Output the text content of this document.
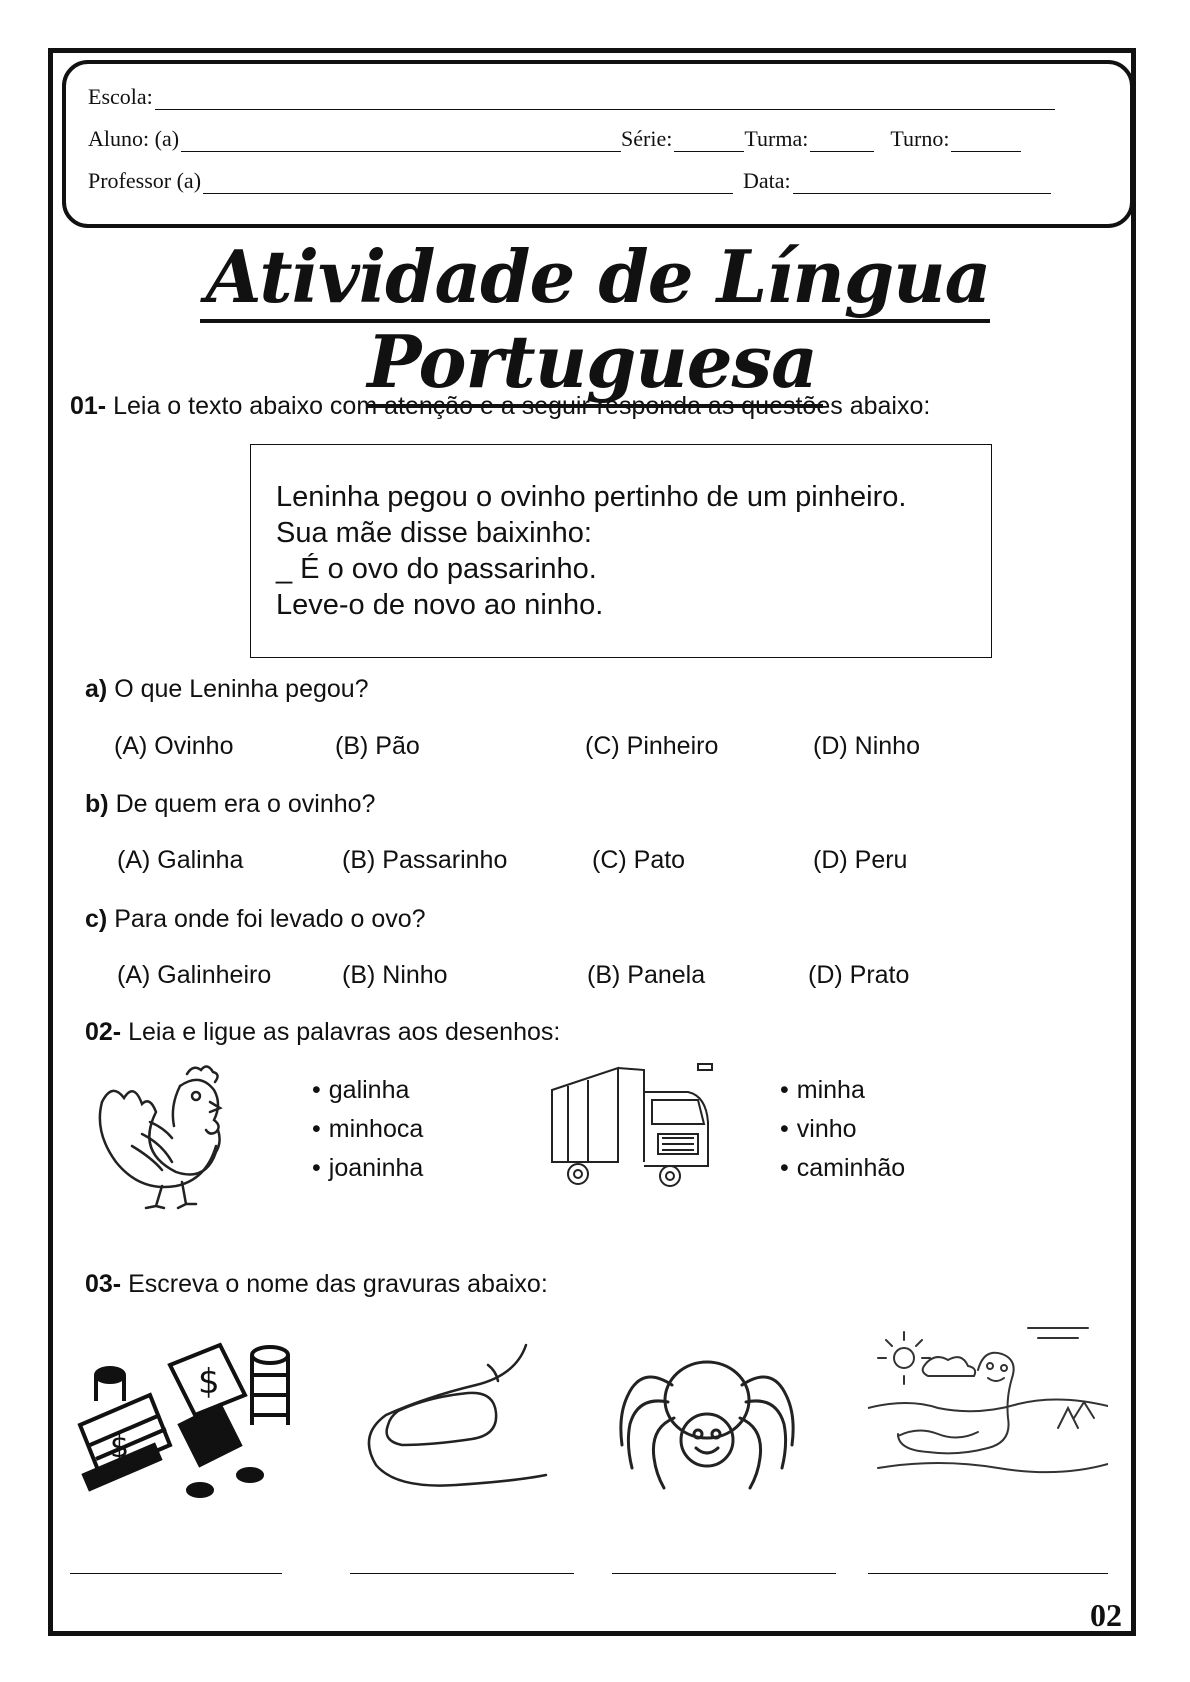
Escola:
Aluno: (a)	Série:	Turma:	Turno:
Professor (a)	Data:
Atividade de Língua Portuguesa
01- Leia o texto abaixo com atenção e a seguir responda as questões abaixo:
Leninha pegou o ovinho pertinho de um pinheiro.
Sua mãe disse baixinho:
_ É o ovo do passarinho.
Leve-o de novo ao ninho.
a) O que Leninha pegou?
(A) Ovinho	(B) Pão	(C) Pinheiro	(D) Ninho
b) De quem era o ovinho?
(A) Galinha	(B) Passarinho	(C) Pato	(D) Peru
c) Para onde foi levado o ovo?
(A) Galinheiro	(B) Ninho	(B) Panela	(D) Prato
02- Leia e ligue as palavras aos desenhos:
• galinha
• minhoca
• joaninha
• minha
• vinho
• caminhão
03- Escreva o nome das gravuras abaixo:
$
$
02
